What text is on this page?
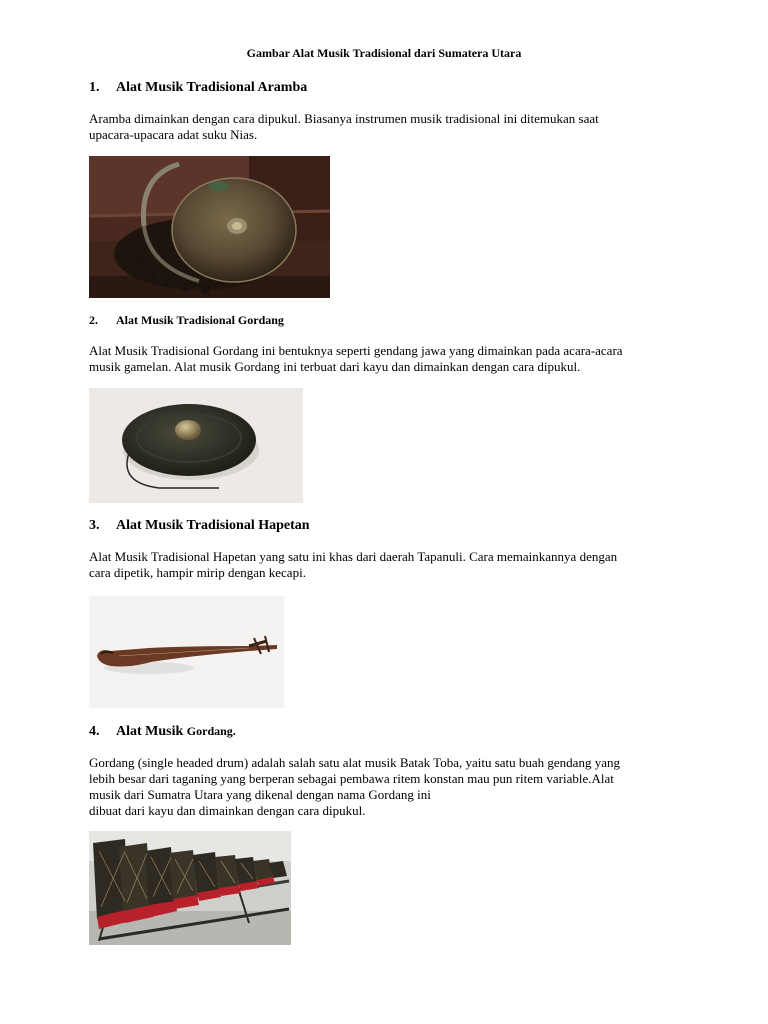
Gambar Alat Musik Tradisional dari Sumatera Utara
1. Alat Musik Tradisional Aramba
Aramba dimainkan dengan cara dipukul. Biasanya instrumen musik tradisional ini ditemukan saat
upacara-upacara adat suku Nias.
2. Alat Musik Tradisional Gordang
Alat Musik Tradisional Gordang ini bentuknya seperti gendang jawa yang dimainkan pada acara-acara
musik gamelan. Alat musik Gordang ini terbuat dari kayu dan dimainkan dengan cara dipukul.
3. Alat Musik Tradisional Hapetan
Alat Musik Tradisional Hapetan yang satu ini khas dari daerah Tapanuli. Cara memainkannya dengan
cara dipetik, hampir mirip dengan kecapi.
4. Alat Musik Gordang.
Gordang (single headed drum) adalah salah satu alat musik Batak Toba, yaitu satu buah gendang yang
lebih besar dari taganing yang berperan sebagai pembawa ritem konstan mau pun ritem variable.Alat
musik dari Sumatra Utara yang dikenal dengan nama Gordang ini
dibuat dari kayu dan dimainkan dengan cara dipukul.
